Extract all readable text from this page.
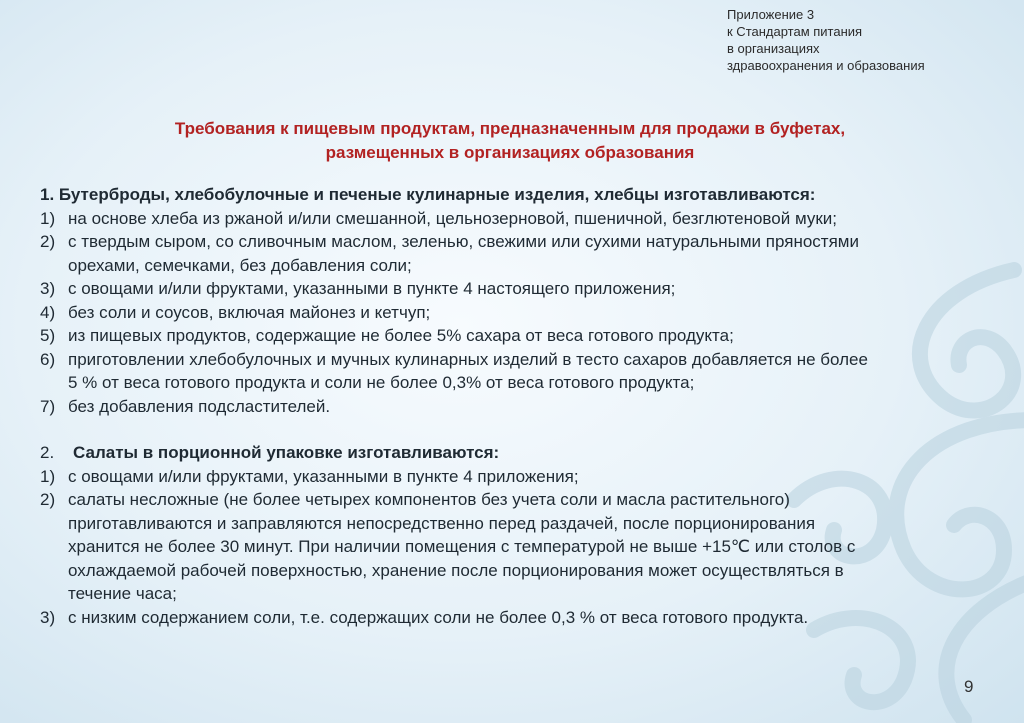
Приложение 3
к Стандартам питания
в организациях
здравоохранения и образования
Требования к пищевым продуктам, предназначенным для продажи в буфетах,
размещенных в организациях образования
1. Бутерброды, хлебобулочные и печеные кулинарные изделия, хлебцы изготавливаются:
1) на основе хлеба из ржаной и/или смешанной, цельнозерновой, пшеничной, безглютеновой муки;
2) с твердым сыром, со сливочным маслом, зеленью, свежими или сухими натуральными пряностями
орехами, семечками, без добавления соли;
3) с овощами и/или фруктами, указанными в пункте 4 настоящего приложения;
4) без соли и соусов, включая майонез и кетчуп;
5) из пищевых продуктов, содержащие не более 5% сахара от веса готового продукта;
6) приготовлении хлебобулочных и мучных кулинарных изделий в тесто сахаров добавляется не более
5 % от веса готового продукта и соли не более 0,3% от веса готового продукта;
7) без добавления подсластителей.
2.	Салаты в порционной упаковке изготавливаются:
1) с овощами и/или фруктами, указанными в пункте 4 приложения;
2) салаты несложные (не более четырех компонентов без учета соли и масла растительного)
приготавливаются и заправляются непосредственно перед раздачей, после порционирования
хранится не более 30 минут. При наличии помещения с температурой не выше +15℃ или столов с
охлаждаемой рабочей поверхностью, хранение после порционирования может осуществляться в
течение часа;
3) с низким содержанием соли, т.е. содержащих соли не более 0,3 % от веса готового продукта.
9
